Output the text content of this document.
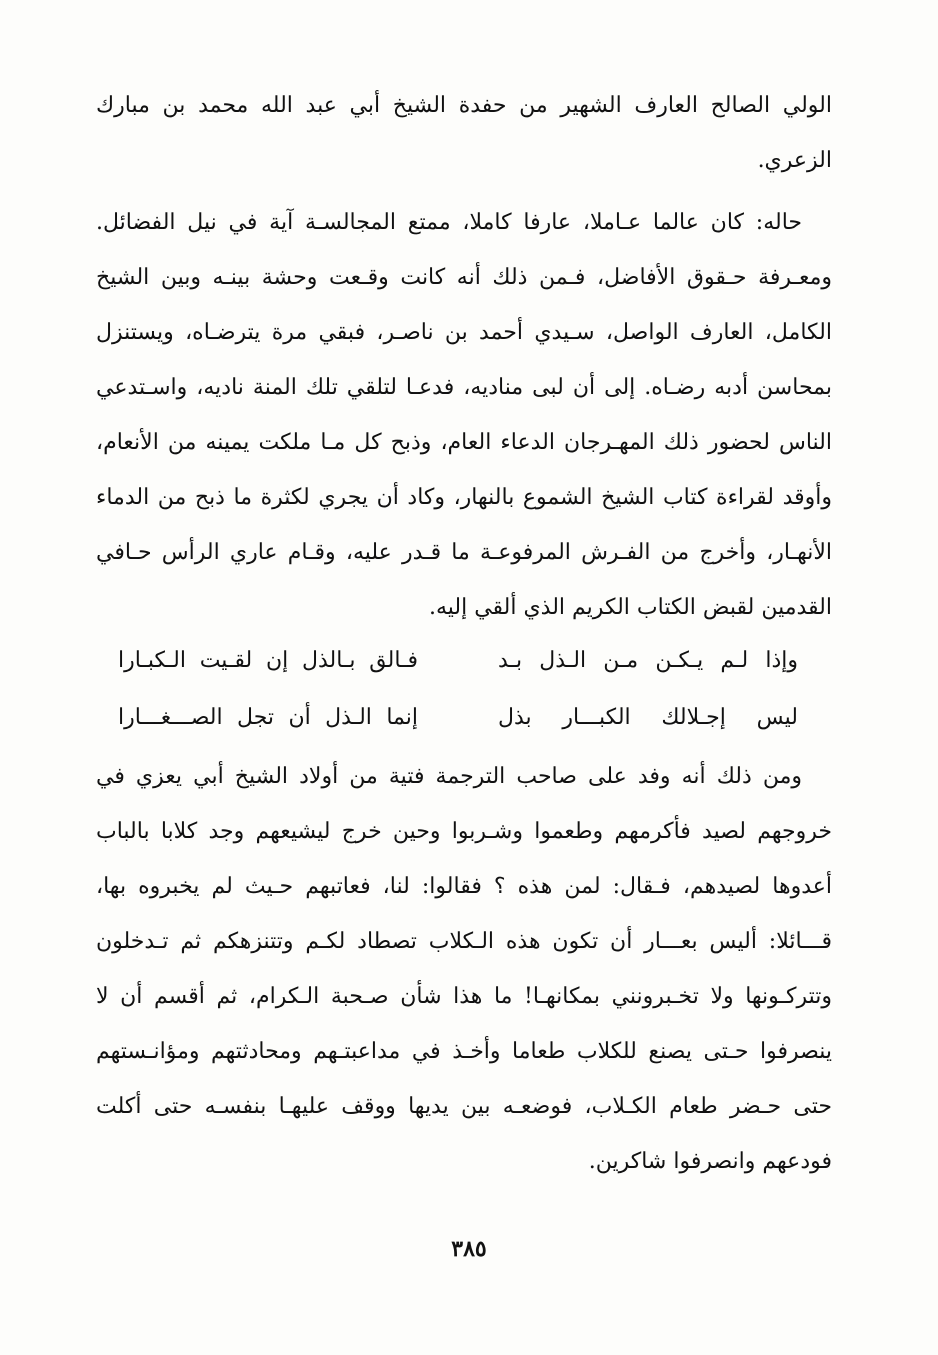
الولي الصالح العارف الشهير من حفدة الشيخ أبي عبد الله محمد بن مبارك
الزعري.
حاله: كان عالما عـاملا، عارفا كاملا، ممتع المجالسـة آية في نيل الفضائل.
ومعـرفة حـقوق الأفاضل، فـمن ذلك أنه كانت وقـعت وحشة بينـه وبين الشيخ
الكامل، العارف الواصل، سـيدي أحمد بن ناصـر، فبقي مرة يترضـاه، ويستنزل
بمحاسن أدبه رضـاه. إلى أن لبى مناديه، فدعـا لتلقي تلك المنة ناديه، واسـتدعي
الناس لحضور ذلك المهـرجان الدعاء العام، وذبح كل مـا ملكت يمينه من الأنعام،
وأوقد لقراءة كتاب الشيخ الشموع بالنهار، وكاد أن يجري لكثرة ما ذبح من الدماء
الأنهـار، وأخرج من الفـرش المرفوعـة ما قـدر عليه، وقـام عاري الرأس حـافي
القدمين لقبض الكتاب الكريم الذي ألقي إليه.
وإذا لـم يـكـن مـن الـذل بـد
فـالق بـالذل إن لقـيت الـكبـارا
ليس إجـلالك الكبـــار بذل
إنما الـذل أن تجل الصـــغـــارا
ومن ذلك أنه وفد على صاحب الترجمة فتية من أولاد الشيخ أبي يعزي في
خروجهم لصيد فأكرمهم وطعموا وشـربوا وحين خرج ليشيعهم وجد كلابا بالباب
أعدوها لصيدهم، فـقال: لمن هذه ؟ فقالوا: لنا، فعاتبهم حـيث لم يخبروه بها،
قـــائلا: أليس بعـــار أن تكون هذه الـكلاب تصطاد لكـم وتتنزهكم ثم تـدخلون
وتتركـونها ولا تخـبرونني بمكانهـا! ما هذا شأن صـحبة الـكرام، ثم أقسم أن لا
ينصرفوا حـتى يصنع للكلاب طعاما وأخـذ في مداعبتـهم ومحادثتهم ومؤانـستهم
حتى حـضر طعام الكـلاب، فوضعـه بين يديها ووقف عليهـا بنفسـه حتى أكلت
فودعهم وانصرفوا شاكرين.
٣٨٥
